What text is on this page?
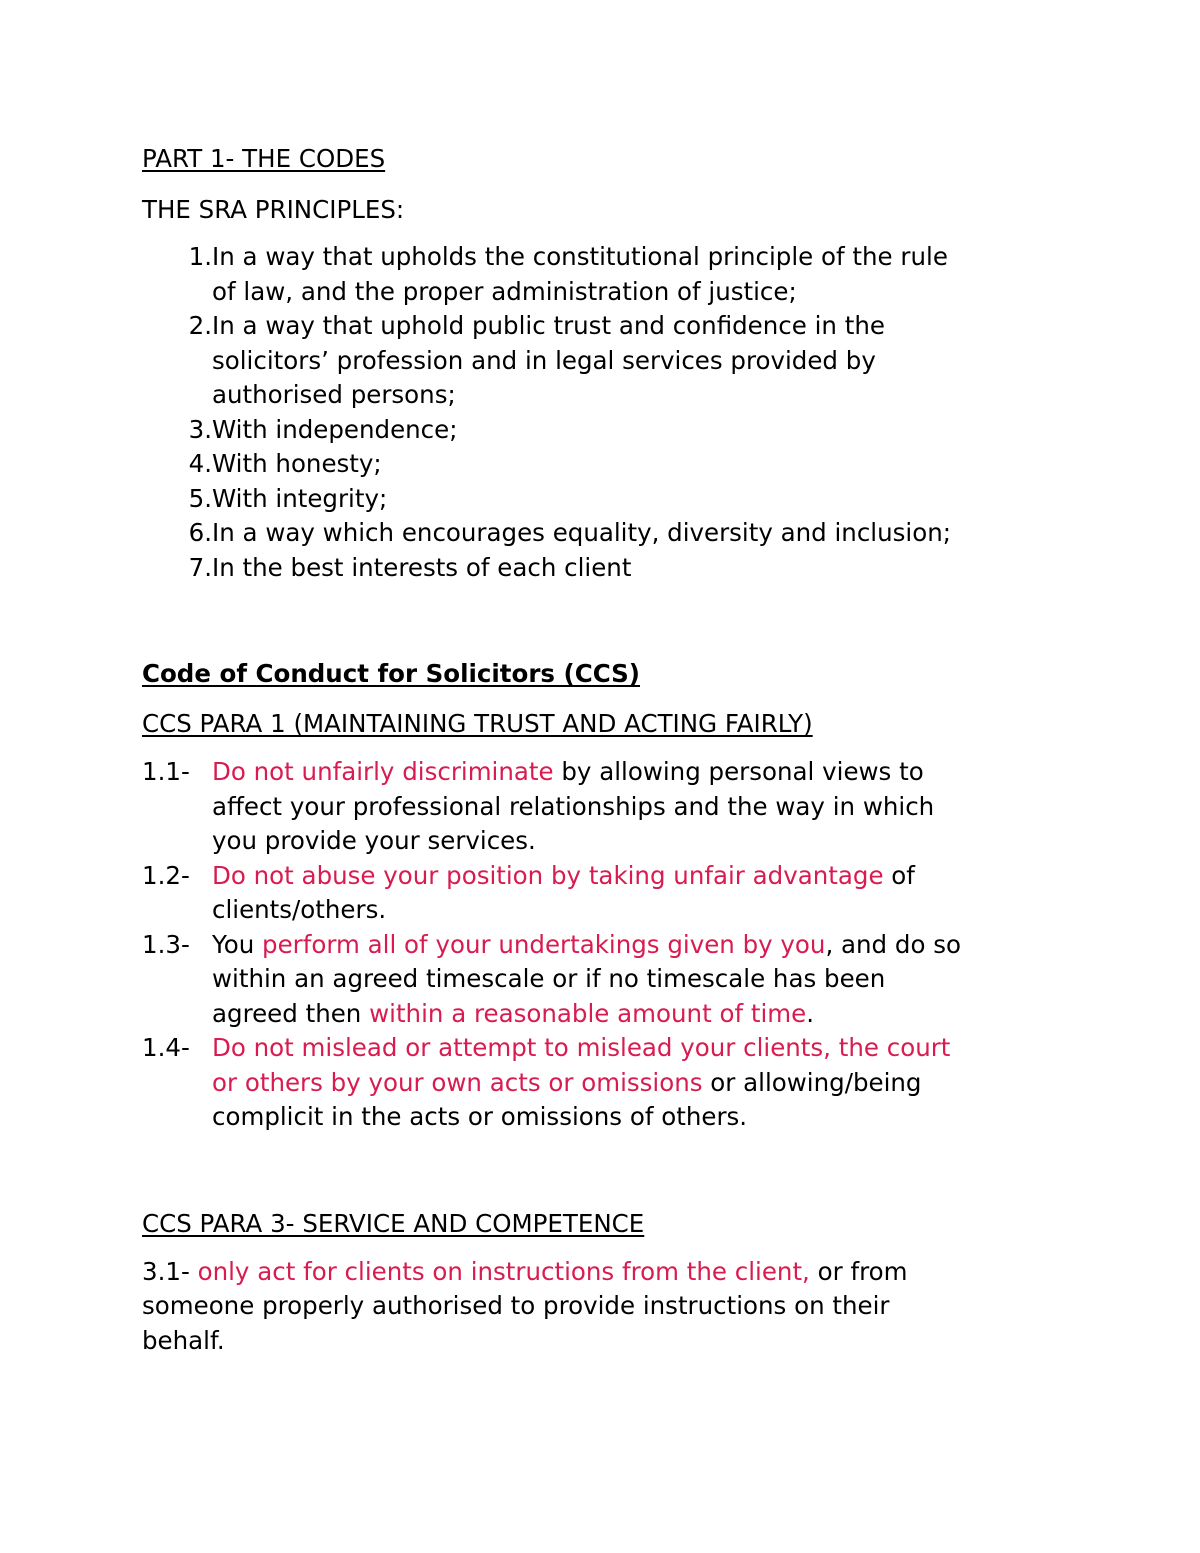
PART 1- THE CODES
THE SRA PRINCIPLES:
1. In a way that upholds the constitutional principle of the rule
of law, and the proper administration of justice;
2. In a way that uphold public trust and confidence in the
solicitors’ profession and in legal services provided by
authorised persons;
3. With independence;
4. With honesty;
5. With integrity;
6. In a way which encourages equality, diversity and inclusion;
7. In the best interests of each client
Code of Conduct for Solicitors (CCS)
CCS PARA 1 (MAINTAINING TRUST AND ACTING FAIRLY)
1.1- Do not unfairly discriminate by allowing personal views to
affect your professional relationships and the way in which
you provide your services.
1.2- Do not abuse your position by taking unfair advantage of
clients/others.
1.3- You perform all of your undertakings given by you, and do so
within an agreed timescale or if no timescale has been
agreed then within a reasonable amount of time.
1.4- Do not mislead or attempt to mislead your clients, the court
or others by your own acts or omissions or allowing/being
complicit in the acts or omissions of others.
CCS PARA 3- SERVICE AND COMPETENCE
3.1- only act for clients on instructions from the client, or from
someone properly authorised to provide instructions on their
behalf.
